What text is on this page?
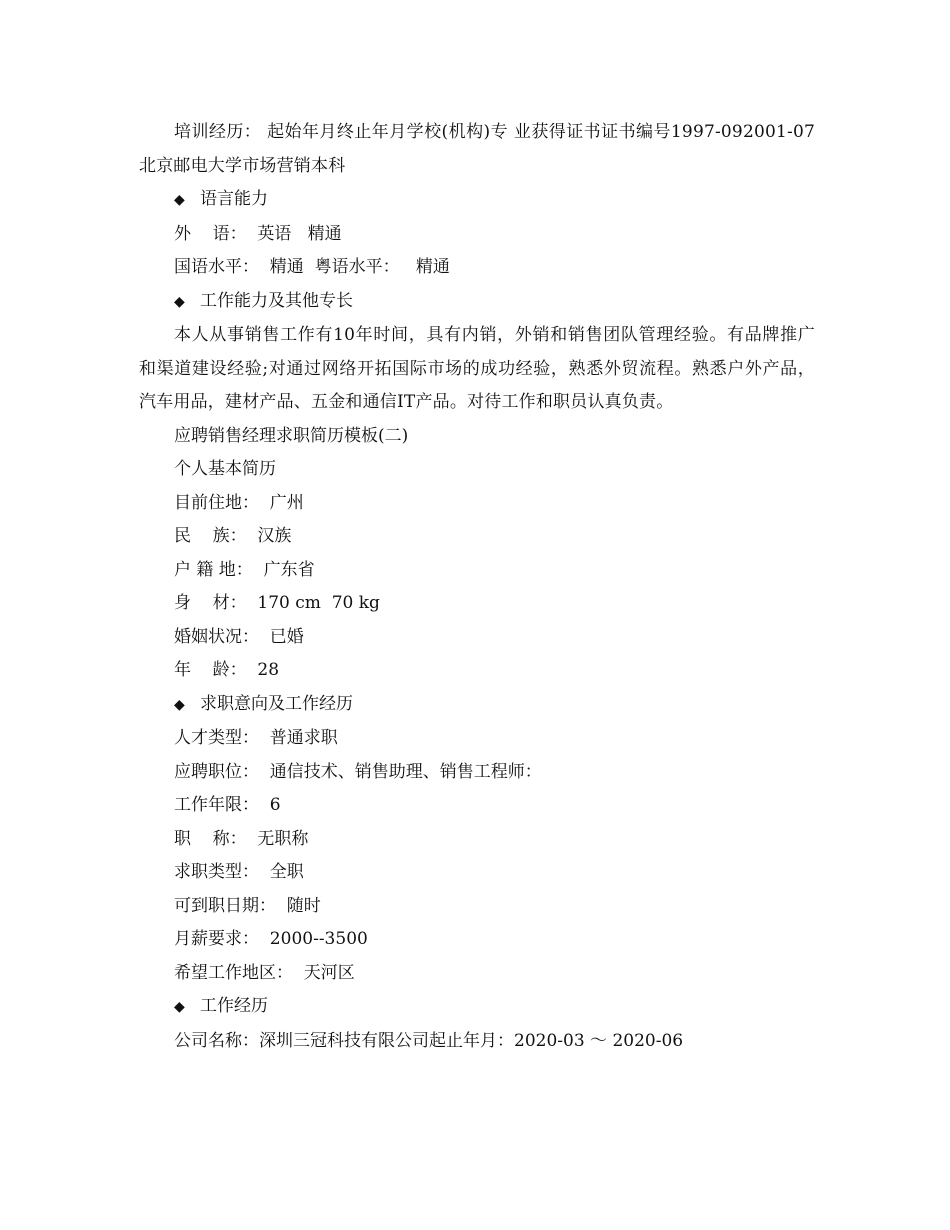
培训经历： 起始年月终止年月学校(机构)专 业获得证书证书编号1997-092001-07北京邮电大学市场营销本科

◆ 语言能力

外    语：  英语   精通

国语水平：  精通  粤语水平：   精通

◆ 工作能力及其他专长

本人从事销售工作有10年时间，具有内销，外销和销售团队管理经验。有品牌推广和渠道建设经验;对通过网络开拓国际市场的成功经验，熟悉外贸流程。熟悉户外产品，汽车用品，建材产品、五金和通信IT产品。对待工作和职员认真负责。

应聘销售经理求职简历模板(二)

个人基本简历

目前住地：  广州

民    族：  汉族

户 籍 地：  广东省

身    材：  170 cm  70 kg

婚姻状况：  已婚

年    龄：  28

◆ 求职意向及工作经历

人才类型：  普通求职

应聘职位：  通信技术、销售助理、销售工程师：

工作年限：  6

职    称：  无职称

求职类型：  全职

可到职日期：  随时

月薪要求：  2000--3500

希望工作地区：  天河区

◆ 工作经历

公司名称：深圳三冠科技有限公司起止年月：2020-03 ～ 2020-06
